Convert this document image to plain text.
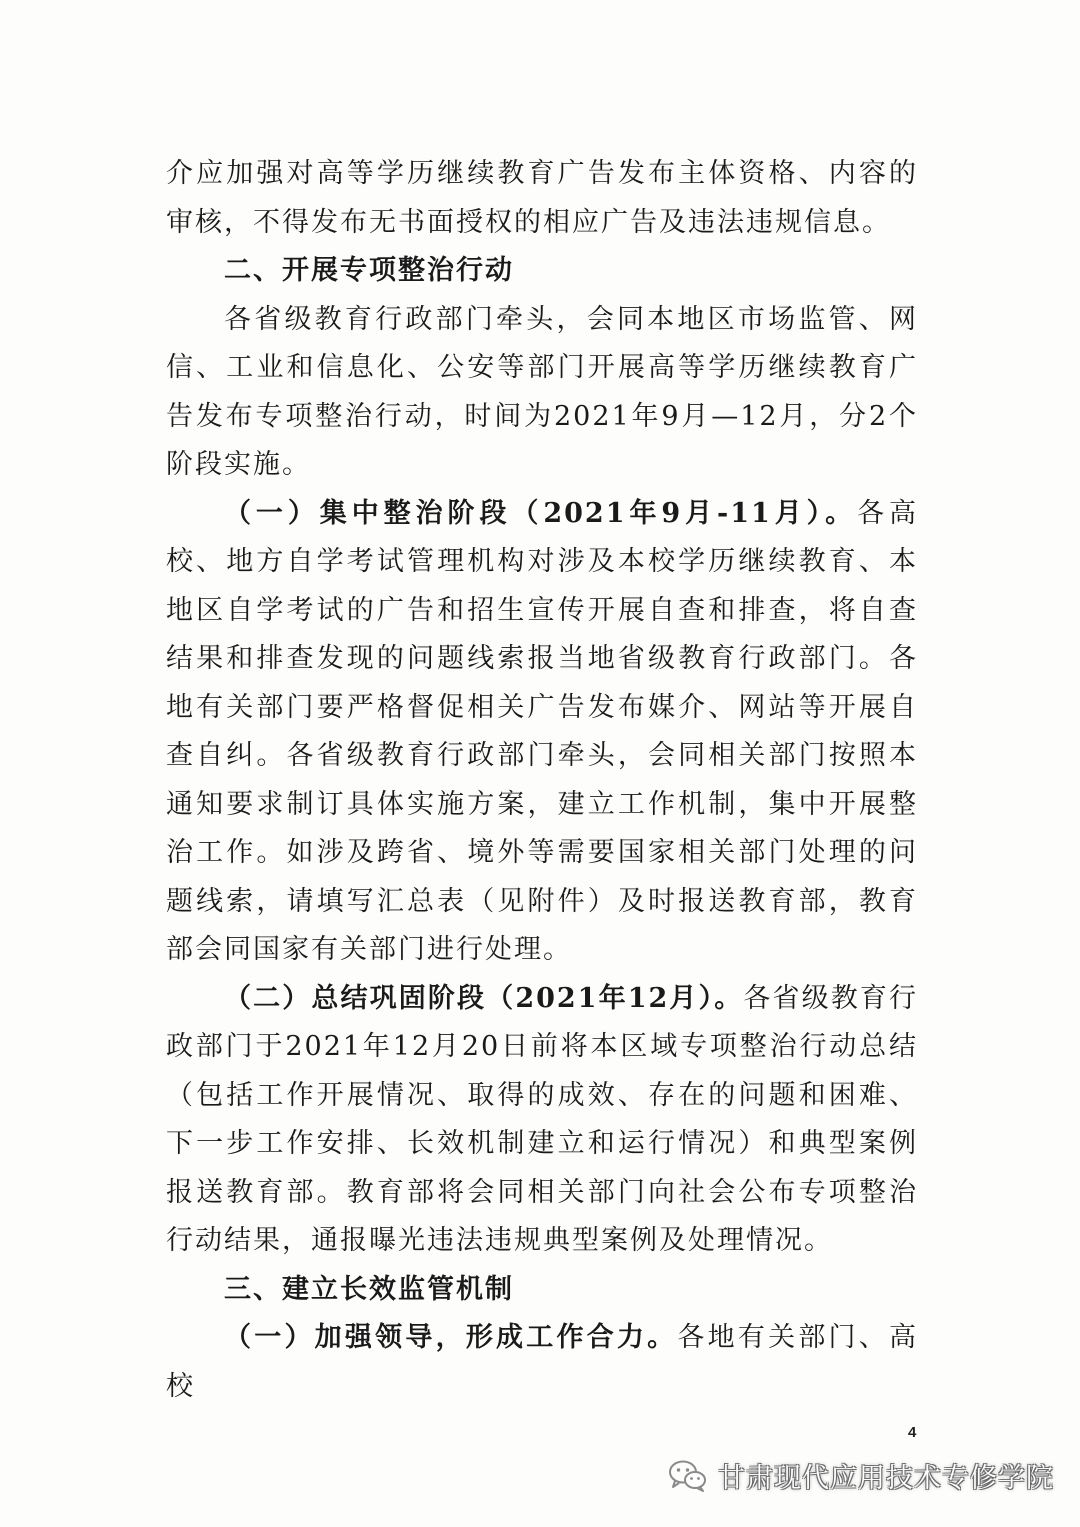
介应加强对高等学历继续教育广告发布主体资格、内容的审核，不得发布无书面授权的相应广告及违法违规信息。

二、开展专项整治行动

各省级教育行政部门牵头，会同本地区市场监管、网信、工业和信息化、公安等部门开展高等学历继续教育广告发布专项整治行动，时间为2021年9月—12月，分2个阶段实施。

（一）集中整治阶段（2021年9月-11月）。各高校、地方自学考试管理机构对涉及本校学历继续教育、本地区自学考试的广告和招生宣传开展自查和排查，将自查结果和排查发现的问题线索报当地省级教育行政部门。各地有关部门要严格督促相关广告发布媒介、网站等开展自查自纠。各省级教育行政部门牵头，会同相关部门按照本通知要求制订具体实施方案，建立工作机制，集中开展整治工作。如涉及跨省、境外等需要国家相关部门处理的问题线索，请填写汇总表（见附件）及时报送教育部，教育部会同国家有关部门进行处理。

（二）总结巩固阶段（2021年12月）。各省级教育行政部门于2021年12月20日前将本区域专项整治行动总结（包括工作开展情况、取得的成效、存在的问题和困难、下一步工作安排、长效机制建立和运行情况）和典型案例报送教育部。教育部将会同相关部门向社会公布专项整治行动结果，通报曝光违法违规典型案例及处理情况。

三、建立长效监管机制

（一）加强领导，形成工作合力。各地有关部门、高校

4
甘肃现代应用技术专修学院
